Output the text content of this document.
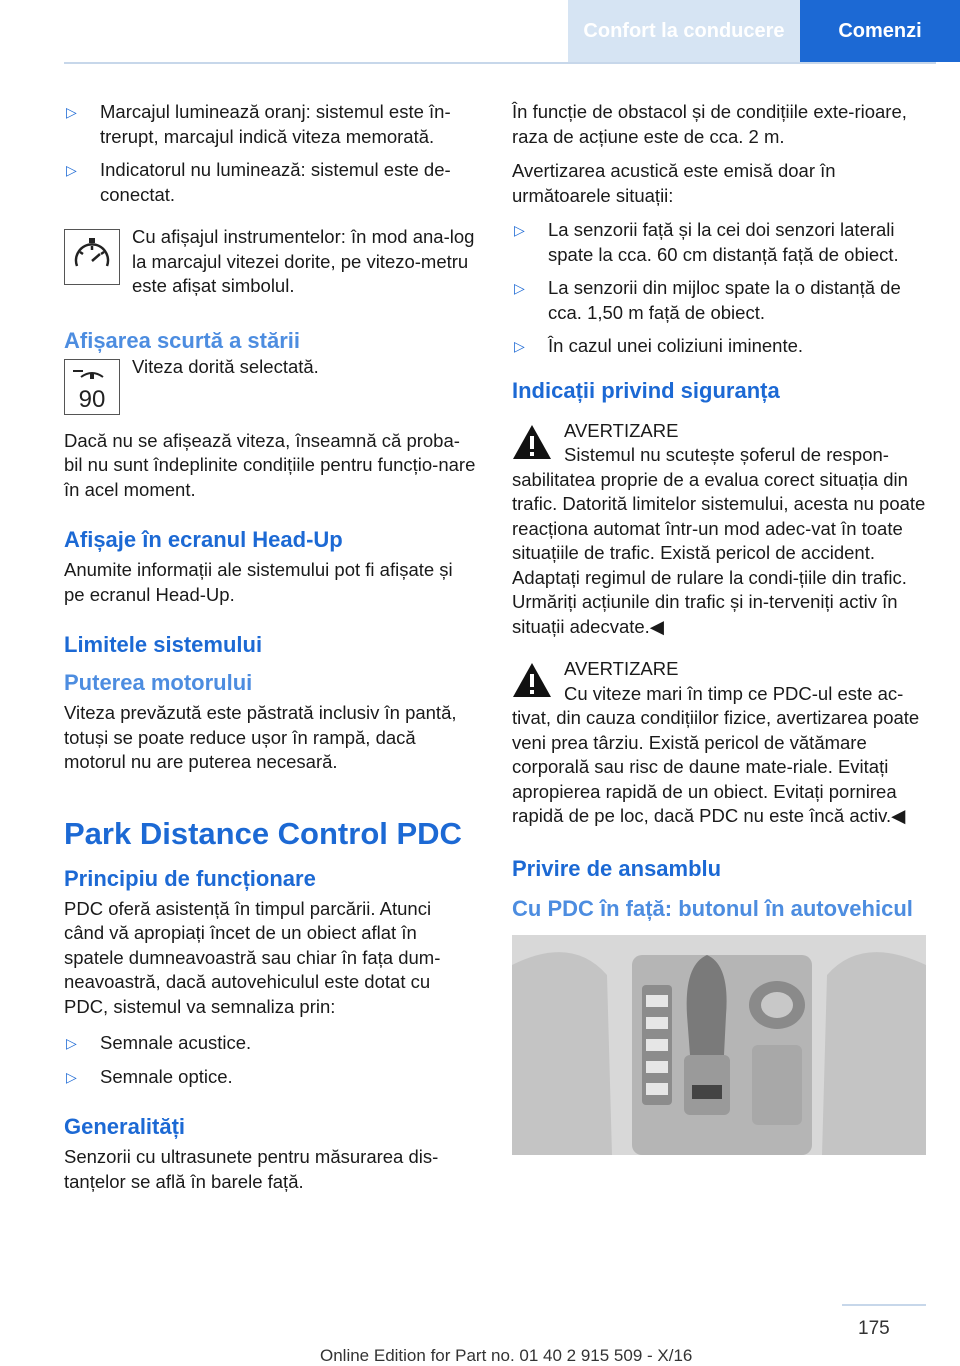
Confort la conducere	Comenzi
▷	Marcajul luminează oranj: sistemul este în-trerupt, marcajul indică viteza memorată.
▷	Indicatorul nu luminează: sistemul este de-conectat.

Cu afișajul instrumentelor: în mod ana-log la marcajul vitezei dorite, pe vitezo-metru este afișat simbolul.

Afișarea scurtă a stării
90

Viteza dorită selectată.

Dacă nu se afișează viteza, înseamnă că proba-bil nu sunt îndeplinite condițiile pentru funcțio-nare în acel moment.

Afișaje în ecranul Head-Up

Anumite informații ale sistemului pot fi afișate și pe ecranul Head-Up.

Limitele sistemului
Puterea motorului

Viteza prevăzută este păstrată inclusiv în pantă, totuși se poate reduce ușor în rampă, dacă motorul nu are puterea necesară.

Park Distance Control PDC
Principiu de funcționare

PDC oferă asistență în timpul parcării. Atunci când vă apropiați încet de un obiect aflat în spatele dumneavoastră sau chiar în fața dum-neavoastră, dacă autovehiculul este dotat cu PDC, sistemul va semnaliza prin:

▷	Semnale acustice.
▷	Semnale optice.
Generalități

Senzorii cu ultrasunete pentru măsurarea dis-tanțelor se află în barele față.

În funcție de obstacol și de condițiile exte-rioare, raza de acțiune este de cca. 2 m.

Avertizarea acustică este emisă doar în următoarele situații:

▷	La senzorii față și la cei doi senzori laterali spate la cca. 60 cm distanță față de obiect.
▷	La senzorii din mijloc spate la o distanță de cca. 1,50 m față de obiect.
▷	În cazul unei coliziuni iminente.
Indicații privind siguranța

AVERTIZARE

Sistemul nu scutește șoferul de respon-sabilitatea proprie de a evalua corect situația din trafic. Datorită limitelor sistemului, acesta nu poate reacționa automat într-un mod adec-vat în toate situațiile de trafic. Există pericol de accident. Adaptați regimul de rulare la condi-țiile din trafic. Urmăriți acțiunile din trafic și in-terveniți activ în situații adecvate.◀

AVERTIZARE

Cu viteze mari în timp ce PDC-ul este ac-tivat, din cauza condițiilor fizice, avertizarea poate veni prea târziu. Există pericol de vătămare corporală sau risc de daune mate-riale. Evitați apropierea rapidă de un obiect. Evitați pornirea rapidă de pe loc, dacă PDC nu este încă activ.◀

Privire de ansamblu
Cu PDC în față: butonul în autovehicul
175
Online Edition for Part no. 01 40 2 915 509 - X/16
